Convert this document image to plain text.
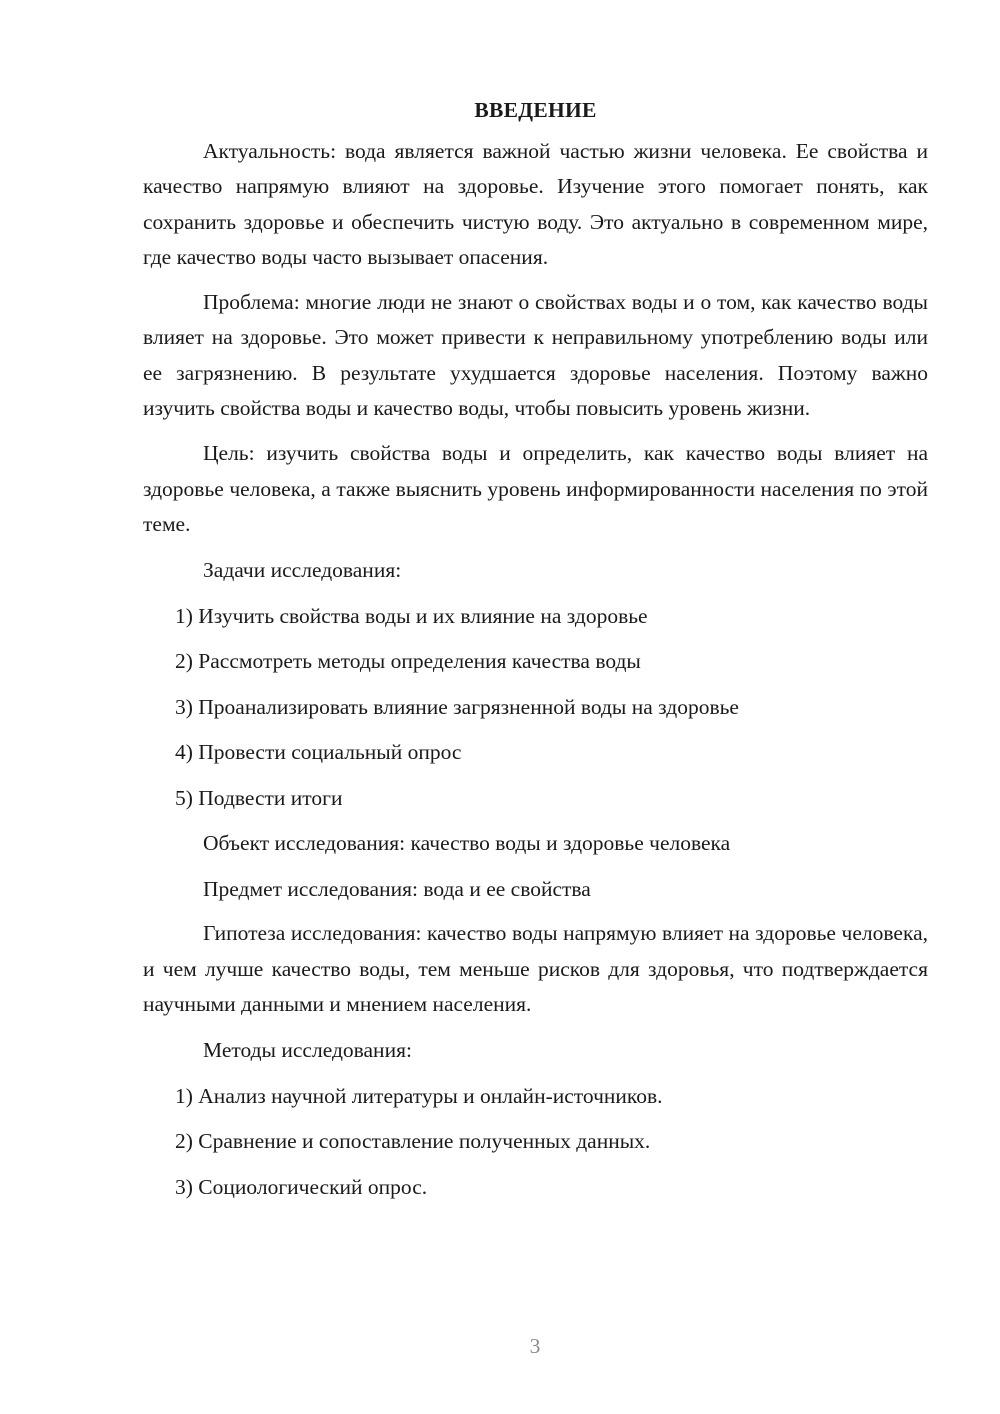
ВВЕДЕНИЕ

Актуальность: вода является важной частью жизни человека. Ее свойства и качество напрямую влияют на здоровье. Изучение этого помогает понять, как сохранить здоровье и обеспечить чистую воду. Это актуально в современном мире, где качество воды часто вызывает опасения.

Проблема: многие люди не знают о свойствах воды и о том, как качество воды влияет на здоровье. Это может привести к неправильному употреблению воды или ее загрязнению. В результате ухудшается здоровье населения. Поэтому важно изучить свойства воды и качество воды, чтобы повысить уровень жизни.

Цель: изучить свойства воды и определить, как качество воды влияет на здоровье человека, а также выяснить уровень информированности населения по этой теме.

Задачи исследования:
1) Изучить свойства воды и их влияние на здоровье
2) Рассмотреть методы определения качества воды
3) Проанализировать влияние загрязненной воды на здоровье
4) Провести социальный опрос
5) Подвести итоги
Объект исследования: качество воды и здоровье человека
Предмет исследования: вода и ее свойства

Гипотеза исследования: качество воды напрямую влияет на здоровье человека, и чем лучше качество воды, тем меньше рисков для здоровья, что подтверждается научными данными и мнением населения.

Методы исследования:
1) Анализ научной литературы и онлайн-источников.
2) Сравнение и сопоставление полученных данных.
3) Социологический опрос.
3
